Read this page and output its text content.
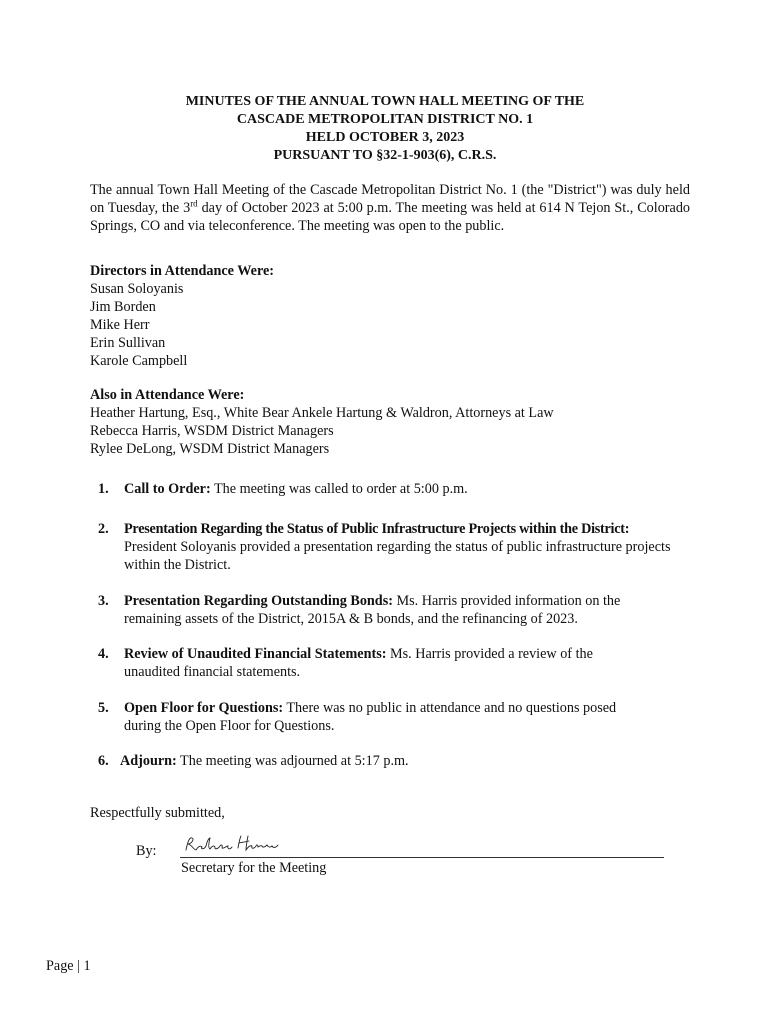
MINUTES OF THE ANNUAL TOWN HALL MEETING OF THE
CASCADE METROPOLITAN DISTRICT NO. 1
HELD OCTOBER 3, 2023
PURSUANT TO §32-1-903(6), C.R.S.
The annual Town Hall Meeting of the Cascade Metropolitan District No. 1 (the "District") was duly held on Tuesday, the 3rd day of October 2023 at 5:00 p.m. The meeting was held at 614 N Tejon St., Colorado Springs, CO and via teleconference. The meeting was open to the public.
Directors in Attendance Were:
Susan Soloyanis
Jim Borden
Mike Herr
Erin Sullivan
Karole Campbell
Also in Attendance Were:
Heather Hartung, Esq., White Bear Ankele Hartung & Waldron, Attorneys at Law
Rebecca Harris, WSDM District Managers
Rylee DeLong, WSDM District Managers
1. Call to Order: The meeting was called to order at 5:00 p.m.
2. Presentation Regarding the Status of Public Infrastructure Projects within the District: President Soloyanis provided a presentation regarding the status of public infrastructure projects within the District.
3. Presentation Regarding Outstanding Bonds: Ms. Harris provided information on the remaining assets of the District, 2015A & B bonds, and the refinancing of 2023.
4. Review of Unaudited Financial Statements: Ms. Harris provided a review of the unaudited financial statements.
5. Open Floor for Questions: There was no public in attendance and no questions posed during the Open Floor for Questions.
6. Adjourn: The meeting was adjourned at 5:17 p.m.
Respectfully submitted,
By:
Secretary for the Meeting
Page | 1
